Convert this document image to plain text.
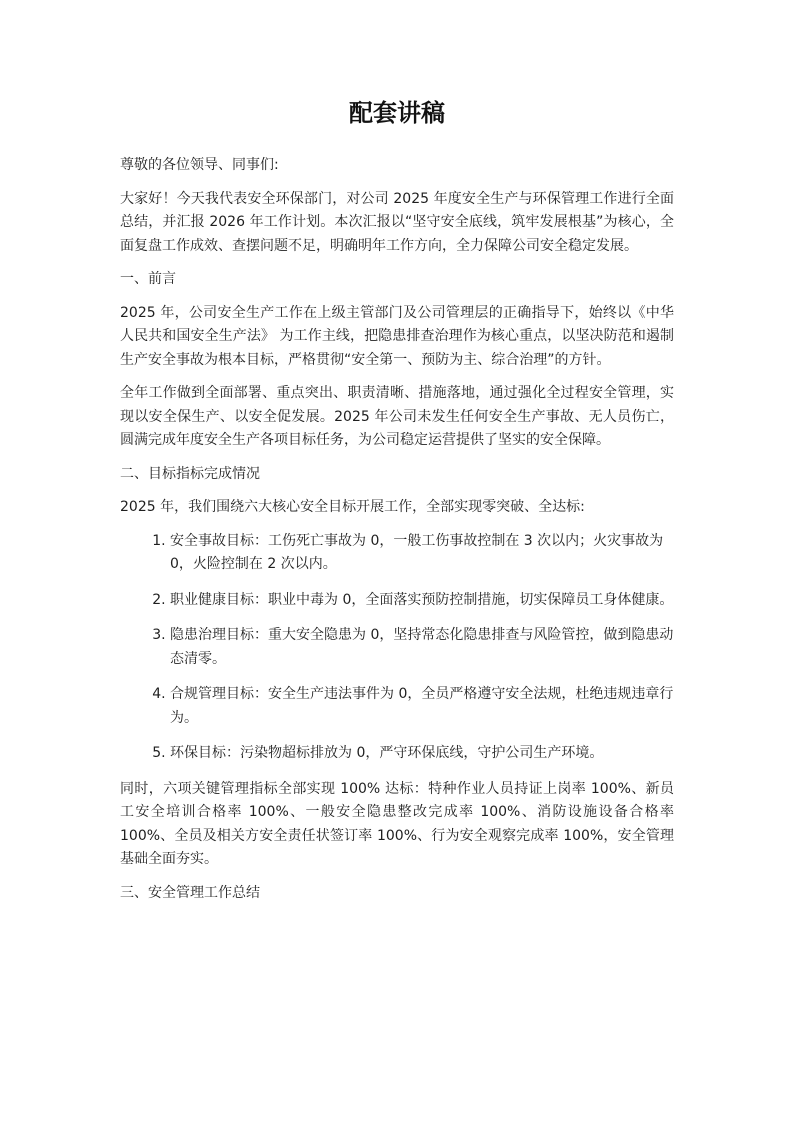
配套讲稿

尊敬的各位领导、同事们:

大家好！今天我代表安全环保部门，对公司 2025 年度安全生产与环保管理工作进行全面总结，并汇报 2026 年工作计划。本次汇报以“坚守安全底线，筑牢发展根基”为核心，全面复盘工作成效、查摆问题不足，明确明年工作方向，全力保障公司安全稳定发展。

一、前言

2025 年，公司安全生产工作在上级主管部门及公司管理层的正确指导下，始终以《中华人民共和国安全生产法》 为工作主线，把隐患排查治理作为核心重点，以坚决防范和遏制生产安全事故为根本目标，严格贯彻“安全第一、预防为主、综合治理”的方针。

全年工作做到全面部署、重点突出、职责清晰、措施落地，通过强化全过程安全管理，实现以安全保生产、以安全促发展。2025 年公司未发生任何安全生产事故、无人员伤亡，圆满完成年度安全生产各项目标任务，为公司稳定运营提供了坚实的安全保障。

二、目标指标完成情况

2025 年，我们围绕六大核心安全目标开展工作，全部实现零突破、全达标:

1. 安全事故目标：工伤死亡事故为 0，一般工伤事故控制在 3 次以内；火灾事故为 0，火险控制在 2 次以内。
2. 职业健康目标：职业中毒为 0，全面落实预防控制措施，切实保障员工身体健康。
3. 隐患治理目标：重大安全隐患为 0，坚持常态化隐患排查与风险管控，做到隐患动态清零。
4. 合规管理目标：安全生产违法事件为 0，全员严格遵守安全法规，杜绝违规违章行为。
5. 环保目标：污染物超标排放为 0，严守环保底线，守护公司生产环境。

同时，六项关键管理指标全部实现 100% 达标：特种作业人员持证上岗率 100%、新员工安全培训合格率 100%、一般安全隐患整改完成率 100%、消防设施设备合格率 100%、全员及相关方安全责任状签订率 100%、行为安全观察完成率 100%，安全管理基础全面夯实。

三、安全管理工作总结
